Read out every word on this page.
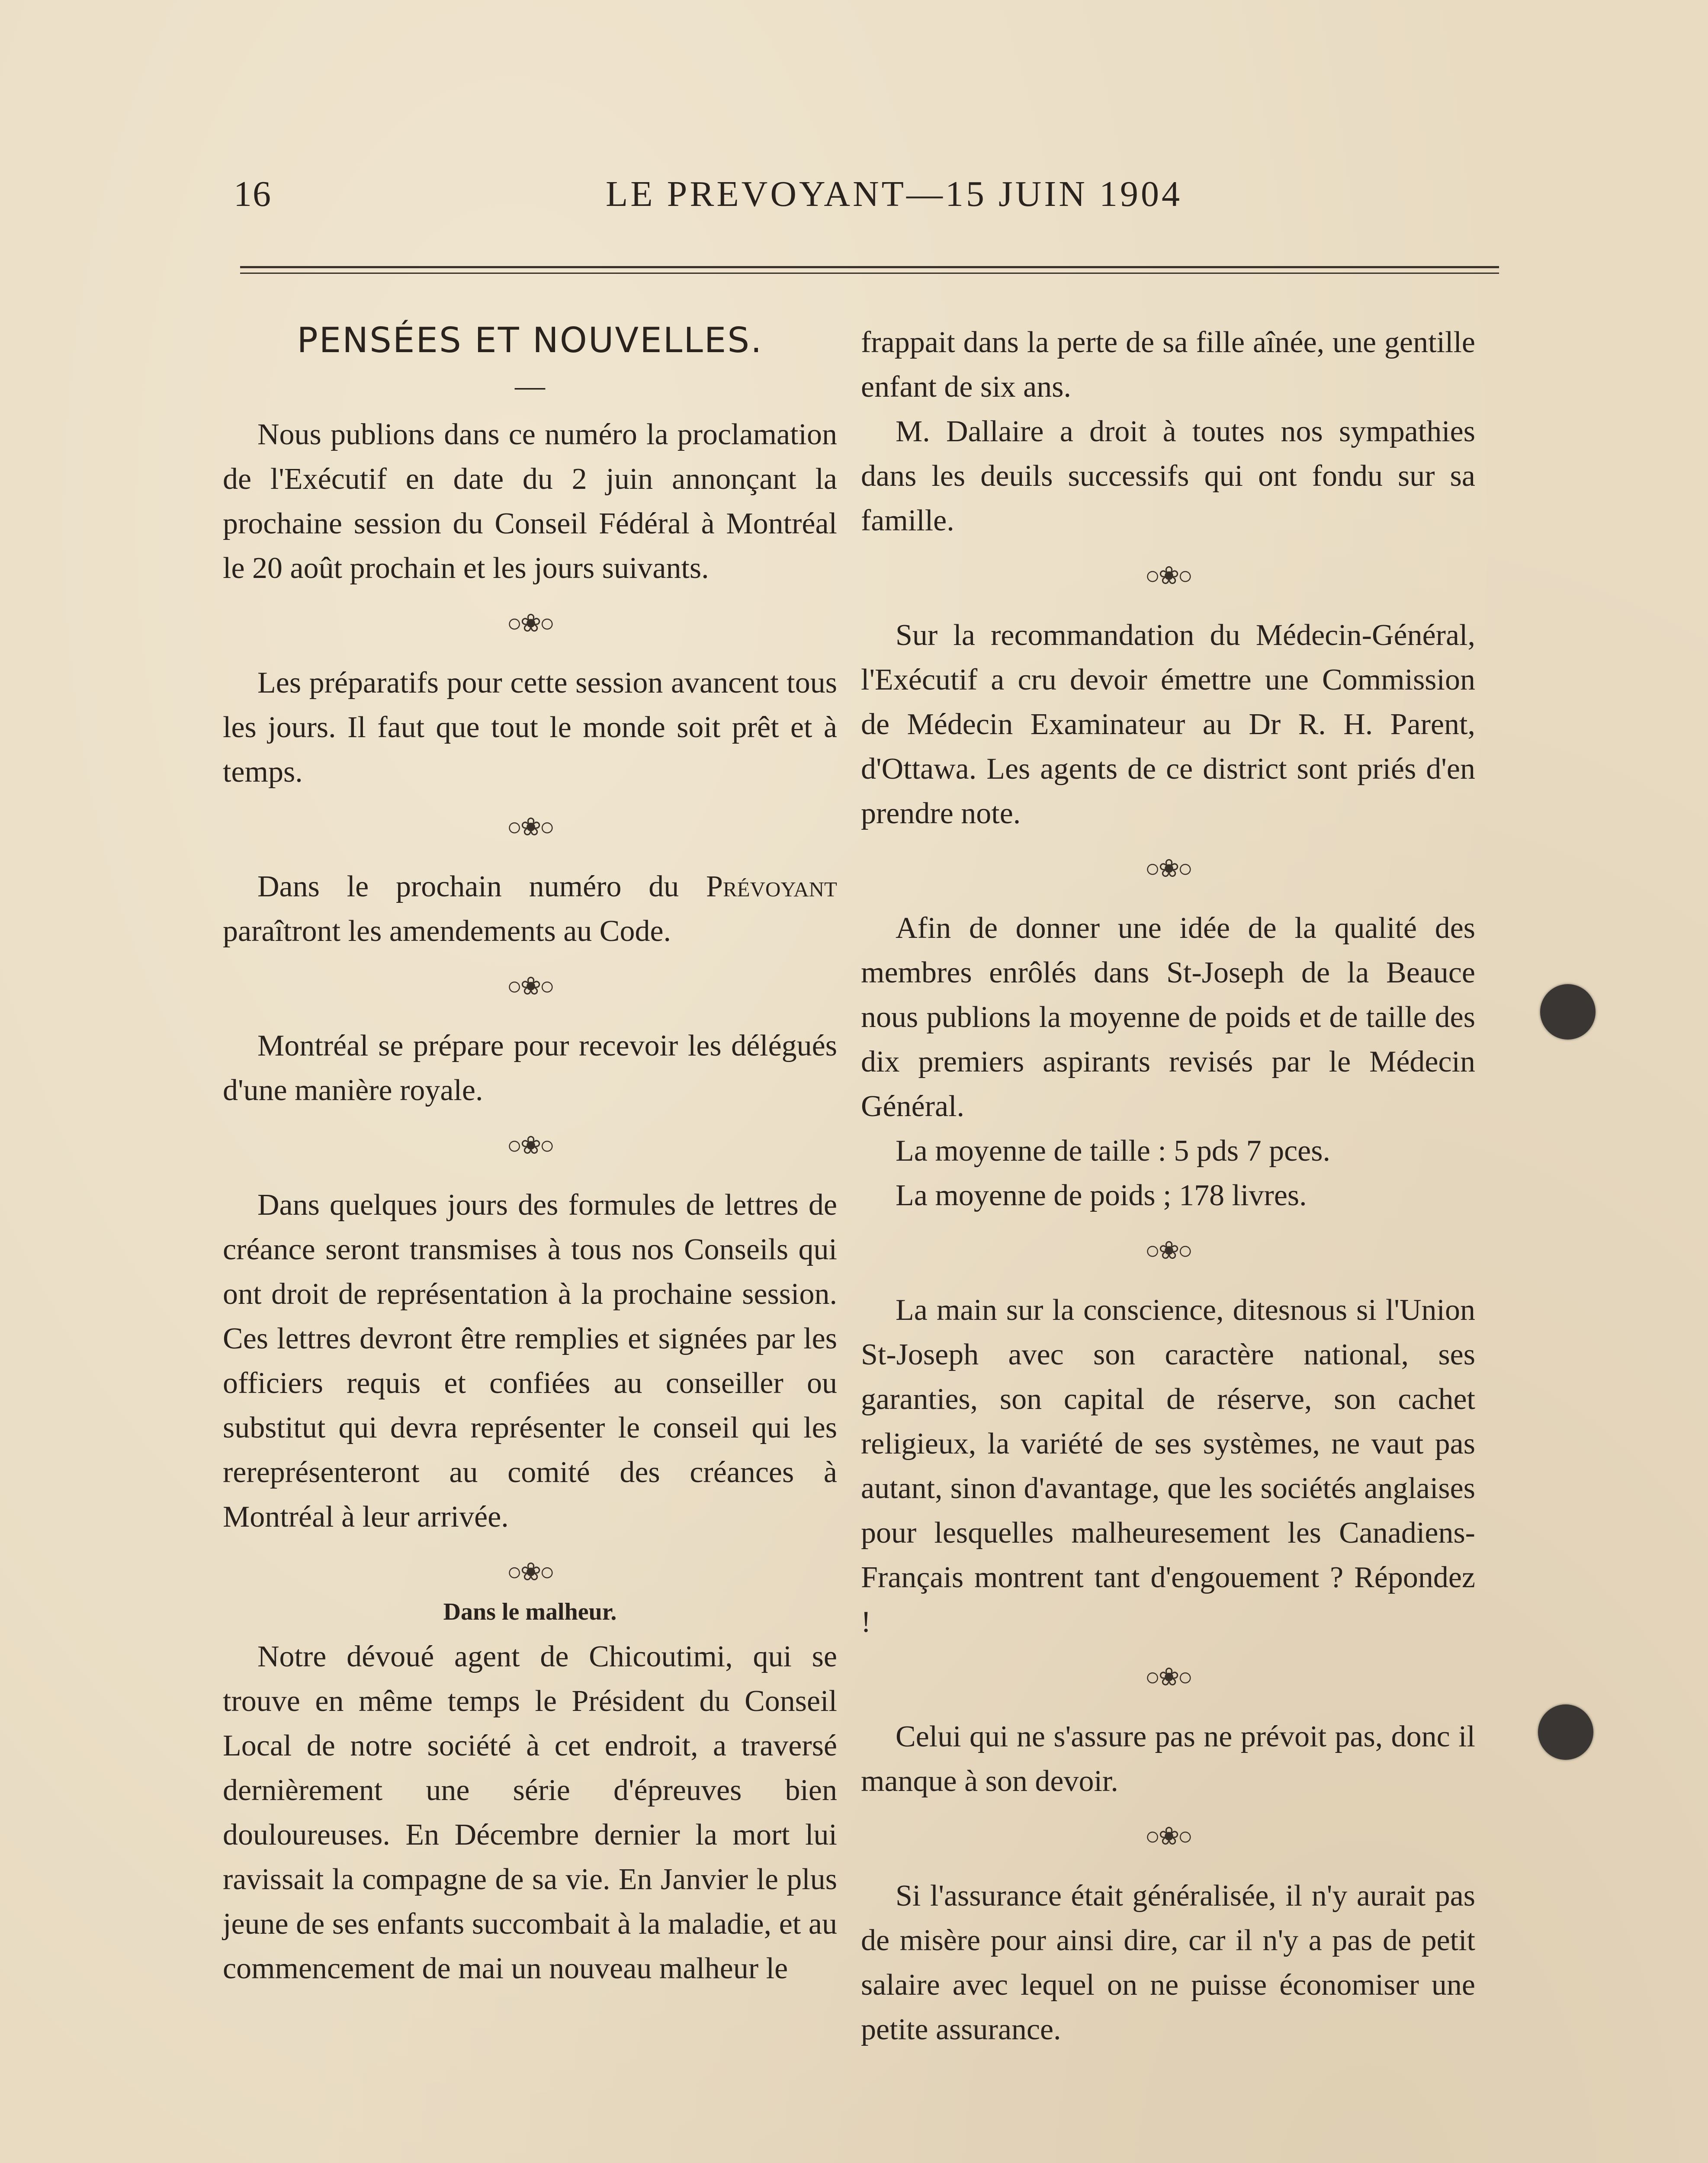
16	LE PREVOYANT—15 JUIN 1904
PENSÉES ET NOUVELLES.
—

Nous publions dans ce numéro la proclamation de l'Exécutif en date du 2 juin annonçant la prochaine session du Conseil Fédéral à Montréal le 20 août prochain et les jours suivants.

○❀○

Les préparatifs pour cette session avancent tous les jours. Il faut que tout le monde soit prêt et à temps.

○❀○

Dans le prochain numéro du Prévoyant paraîtront les amendements au Code.

○❀○

Montréal se prépare pour recevoir les délégués d'une manière royale.

○❀○

Dans quelques jours des formules de lettres de créance seront transmises à tous nos Conseils qui ont droit de représentation à la prochaine session. Ces lettres devront être remplies et signées par les officiers requis et confiées au conseiller ou substitut qui devra représenter le conseil qui les rereprésenteront au comité des créances à Montréal à leur arrivée.

○❀○
Dans le malheur.

Notre dévoué agent de Chicoutimi, qui se trouve en même temps le Président du Conseil Local de notre société à cet endroit, a traversé dernièrement une série d'épreuves bien douloureuses. En Décembre dernier la mort lui ravissait la compagne de sa vie. En Janvier le plus jeune de ses enfants succombait à la maladie, et au commencement de mai un nouveau malheur le

frappait dans la perte de sa fille aînée, une gentille enfant de six ans.

M. Dallaire a droit à toutes nos sympathies dans les deuils successifs qui ont fondu sur sa famille.

○❀○

Sur la recommandation du Médecin-Général, l'Exécutif a cru devoir émettre une Commission de Médecin Examinateur au Dr R. H. Parent, d'Ottawa. Les agents de ce district sont priés d'en prendre note.

○❀○

Afin de donner une idée de la qualité des membres enrôlés dans St-Joseph de la Beauce nous publions la moyenne de poids et de taille des dix premiers aspirants revisés par le Médecin Général.

La moyenne de taille : 5 pds 7 pces.

La moyenne de poids ; 178 livres.

○❀○

La main sur la conscience, ditesnous si l'Union St-Joseph avec son caractère national, ses garanties, son capital de réserve, son cachet religieux, la variété de ses systèmes, ne vaut pas autant, sinon d'avantage, que les sociétés anglaises pour lesquelles malheuresement les Canadiens-Français montrent tant d'engouement ? Répondez !

○❀○

Celui qui ne s'assure pas ne prévoit pas, donc il manque à son devoir.

○❀○

Si l'assurance était généralisée, il n'y aurait pas de misère pour ainsi dire, car il n'y a pas de petit salaire avec lequel on ne puisse économiser une petite assurance.
